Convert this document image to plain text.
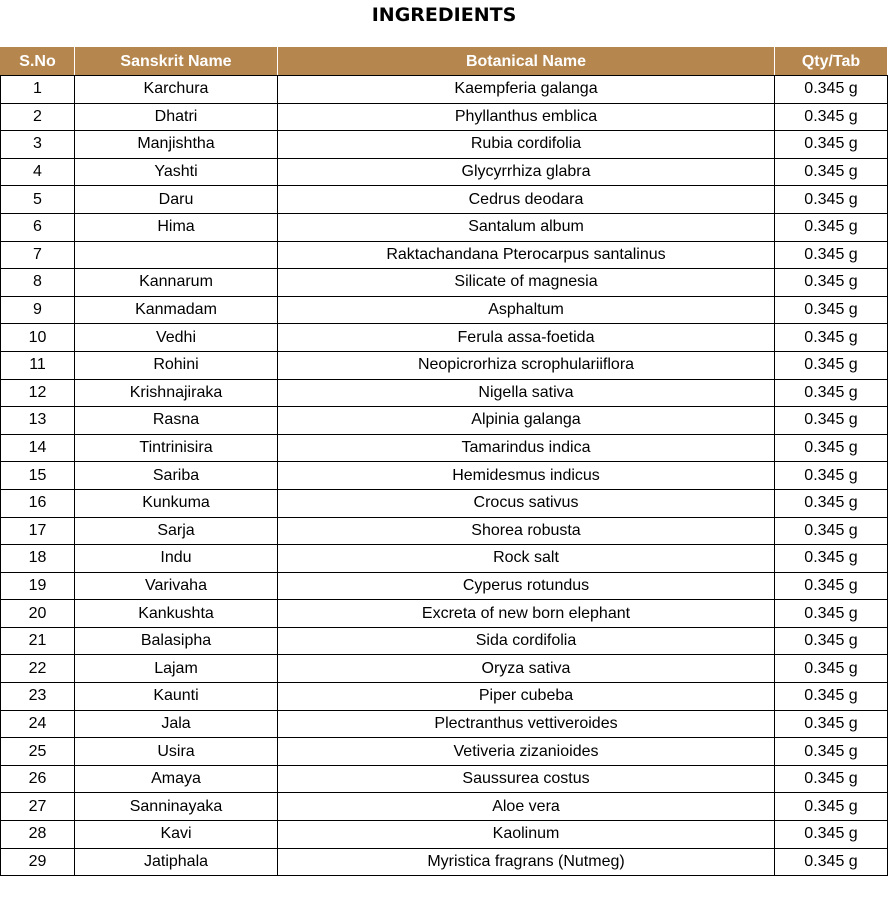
INGREDIENTS
S.No	Sanskrit Name	Botanical Name	Qty/Tab
1	Karchura	Kaempferia galanga	0.345 g
2	Dhatri	Phyllanthus emblica	0.345 g
3	Manjishtha	Rubia cordifolia	0.345 g
4	Yashti	Glycyrrhiza glabra	0.345 g
5	Daru	Cedrus deodara	0.345 g
6	Hima	Santalum album	0.345 g
7		Raktachandana Pterocarpus santalinus	0.345 g
8	Kannarum	Silicate of magnesia	0.345 g
9	Kanmadam	Asphaltum	0.345 g
10	Vedhi	Ferula assa-foetida	0.345 g
11	Rohini	Neopicrorhiza scrophulariiflora	0.345 g
12	Krishnajiraka	Nigella sativa	0.345 g
13	Rasna	Alpinia galanga	0.345 g
14	Tintrinisira	Tamarindus indica	0.345 g
15	Sariba	Hemidesmus indicus	0.345 g
16	Kunkuma	Crocus sativus	0.345 g
17	Sarja	Shorea robusta	0.345 g
18	Indu	Rock salt	0.345 g
19	Varivaha	Cyperus rotundus	0.345 g
20	Kankushta	Excreta of new born elephant	0.345 g
21	Balasipha	Sida cordifolia	0.345 g
22	Lajam	Oryza sativa	0.345 g
23	Kaunti	Piper cubeba	0.345 g
24	Jala	Plectranthus vettiveroides	0.345 g
25	Usira	Vetiveria zizanioides	0.345 g
26	Amaya	Saussurea costus	0.345 g
27	Sanninayaka	Aloe vera	0.345 g
28	Kavi	Kaolinum	0.345 g
29	Jatiphala	Myristica fragrans (Nutmeg)	0.345 g
